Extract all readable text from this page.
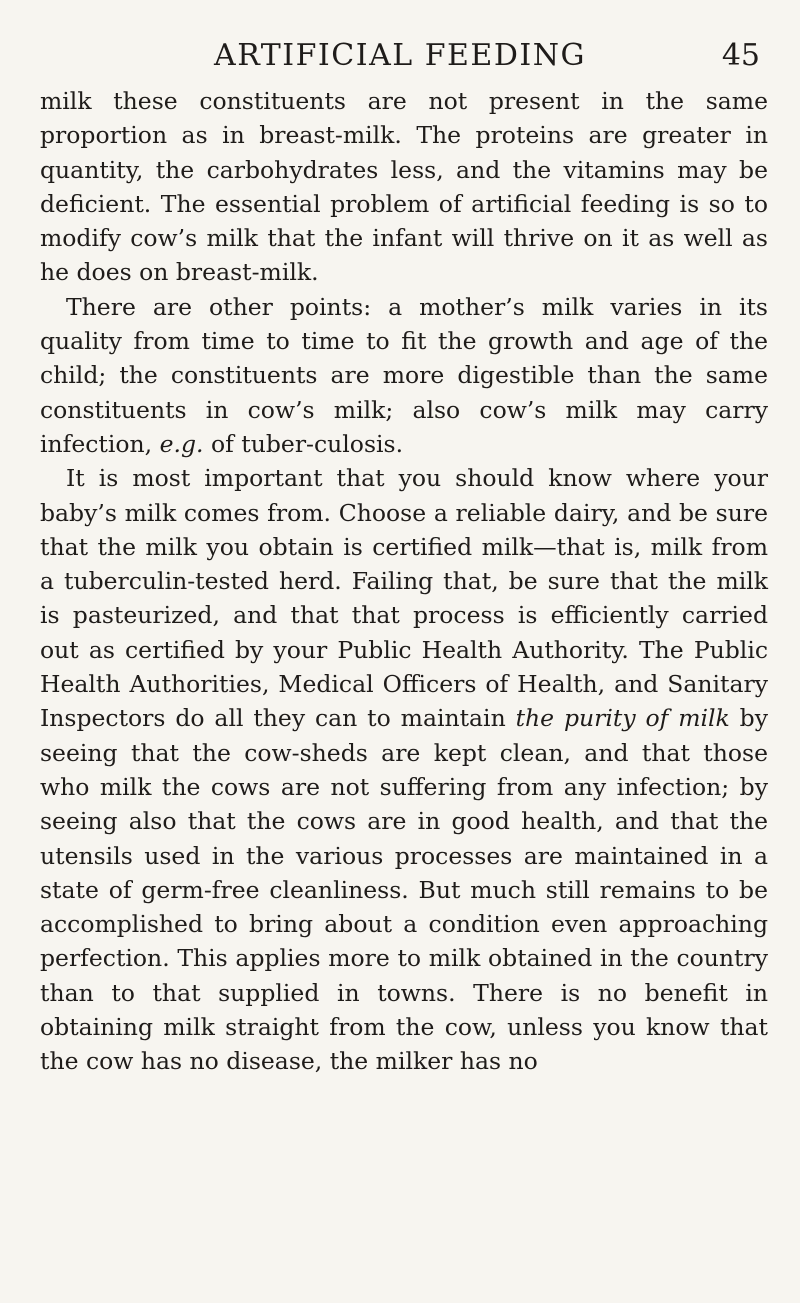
ARTIFICIAL FEEDING	45

milk these constituents are not present in the same proportion as in breast-milk. The proteins are greater in quantity, the carbohydrates less, and the vitamins may be deficient. The essential problem of artificial feeding is so to modify cow’s milk that the infant will thrive on it as well as he does on breast-milk.

There are other points: a mother’s milk varies in its quality from time to time to fit the growth and age of the child; the constituents are more digestible than the same constituents in cow’s milk; also cow’s milk may carry infection, e.g. of tuber-culosis.

It is most important that you should know where your baby’s milk comes from. Choose a reliable dairy, and be sure that the milk you obtain is certified milk—that is, milk from a tuberculin-tested herd. Failing that, be sure that the milk is pasteurized, and that that process is efficiently carried out as certified by your Public Health Authority. The Public Health Authorities, Medical Officers of Health, and Sanitary Inspectors do all they can to maintain the purity of milk by seeing that the cow-sheds are kept clean, and that those who milk the cows are not suffering from any infection; by seeing also that the cows are in good health, and that the utensils used in the various processes are maintained in a state of germ-free cleanliness. But much still remains to be accomplished to bring about a condition even approaching perfection. This applies more to milk obtained in the country than to that supplied in towns. There is no benefit in obtaining milk straight from the cow, unless you know that the cow has no disease, the milker has no
